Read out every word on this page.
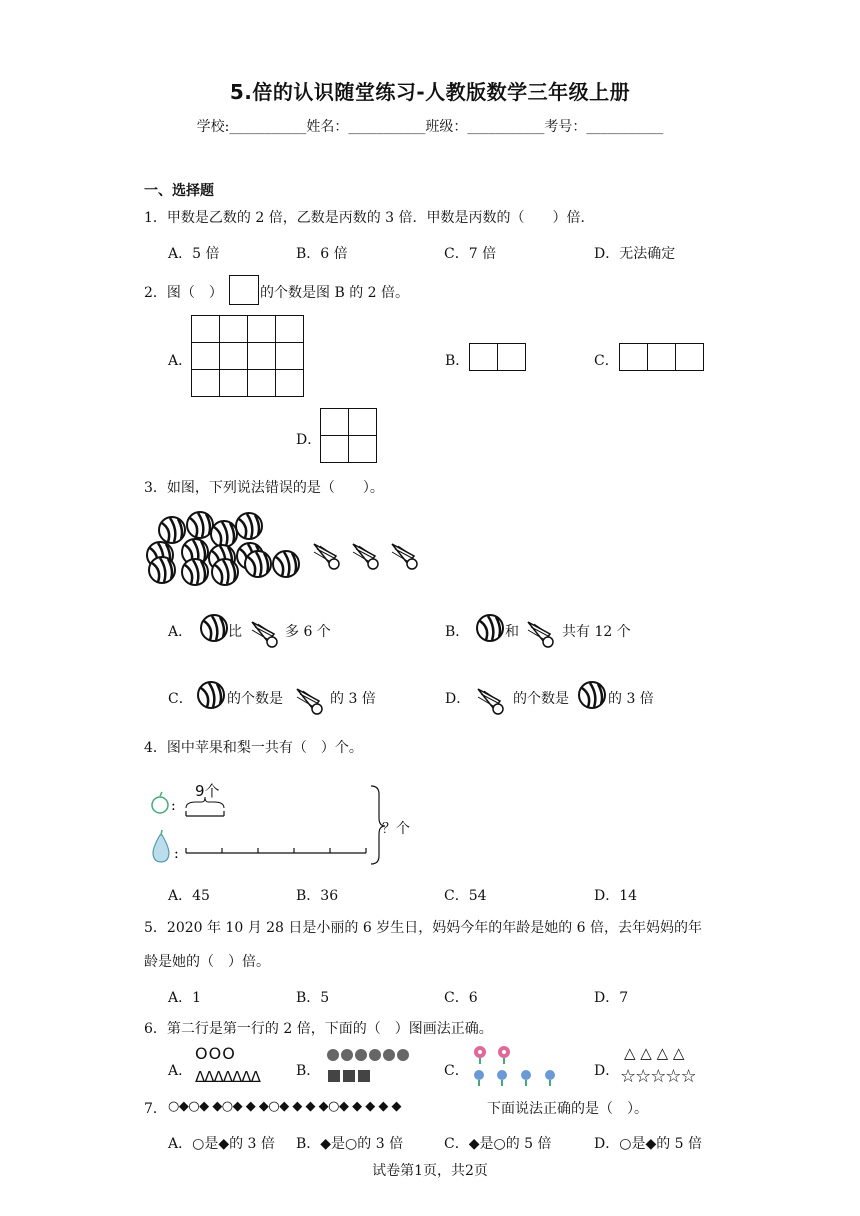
5.倍的认识随堂练习-人教版数学三年级上册
学校:___________姓名：___________班级：___________考号：___________
一、选择题
1．甲数是乙数的 2 倍，乙数是丙数的 3 倍．甲数是丙数的（　　）倍．
A．5 倍	B．6 倍	C．7 倍	D．无法确定
2．图（　）	的个数是图 B 的 2 倍。
A．

				B．
		C．

D．

3．如图，下列说法错误的是（　　）。
A．	比	多 6 个	B．	和	共有 12 个
C． 的个数是	的 3 倍	D．	的个数是	的 3 倍
4．图中苹果和梨一共有（　）个。
:
:
9个
？个
A．45	B．36	C．54	D．14
5．2020 年 10 月 28 日是小丽的 6 岁生日，妈妈今年的年龄是她的 6 倍，去年妈妈的年
龄是她的（　）倍。
A．1	B．5	C．6	D．7
6．第二行是第一行的 2 倍，下面的（　）图画法正确。
A．
OOO
ΔΔΔΔΔΔΔ	B．	C．	D．
△ △ △ △
☆☆☆☆☆
7． ○◆○◆ ◆○◆ ◆ ◆○◆ ◆ ◆ ◆○◆ ◆ ◆ ◆ ◆	下面说法正确的是（　）。
A．○是◆的 3 倍 B．◆是○的 3 倍	C．◆是○的 5 倍	D．○是◆的 5 倍
试卷第1页，共2页
